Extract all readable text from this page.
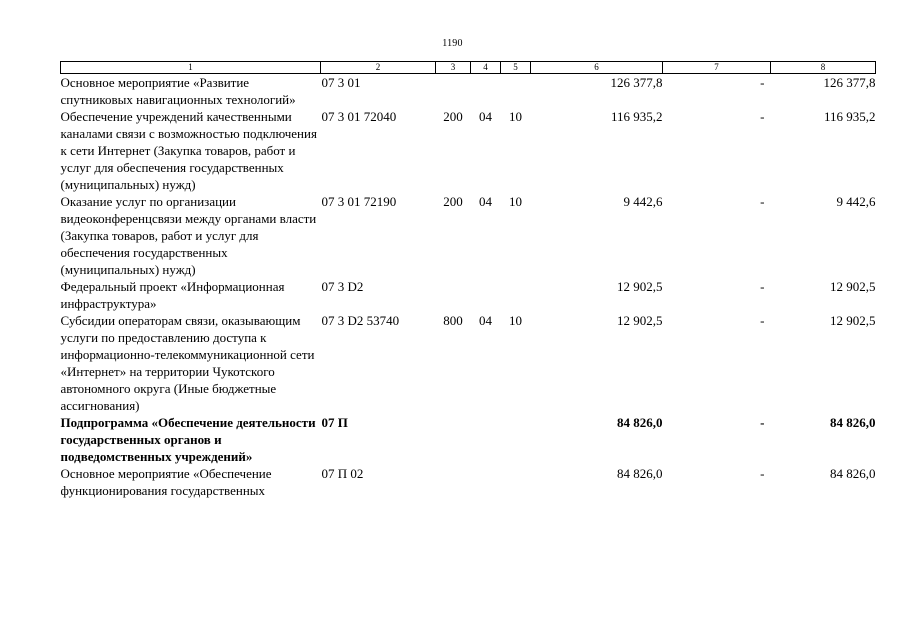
1190
1	2	3	4	5	6	7	8
Основное мероприятие «Развитие спутниковых навигационных технологий»	07 3 01				126 377,8	-	126 377,8
Обеспечение учреждений качественными каналами связи с возможностью подключения к сети Интернет (Закупка товаров, работ и услуг для обеспечения государственных (муниципальных) нужд)	07 3 01 72040	200	04	10	116 935,2	-	116 935,2
Оказание услуг по организации видеоконференцсвязи между органами власти (Закупка товаров, работ и услуг для обеспечения государственных (муниципальных) нужд)	07 3 01 72190	200	04	10	9 442,6	-	9 442,6
Федеральный проект «Информационная инфраструктура»	07 3 D2				12 902,5	-	12 902,5
Субсидии операторам связи, оказывающим услуги по предоставлению доступа к информационно-телекоммуникационной сети «Интернет» на территории Чукотского автономного округа (Иные бюджетные ассигнования)	07 3 D2 53740	800	04	10	12 902,5	-	12 902,5
Подпрограмма «Обеспечение деятельности государственных органов и подведомственных учреждений»	07 П				84 826,0	-	84 826,0
Основное мероприятие «Обеспечение функционирования государственных	07 П 02				84 826,0	-	84 826,0
